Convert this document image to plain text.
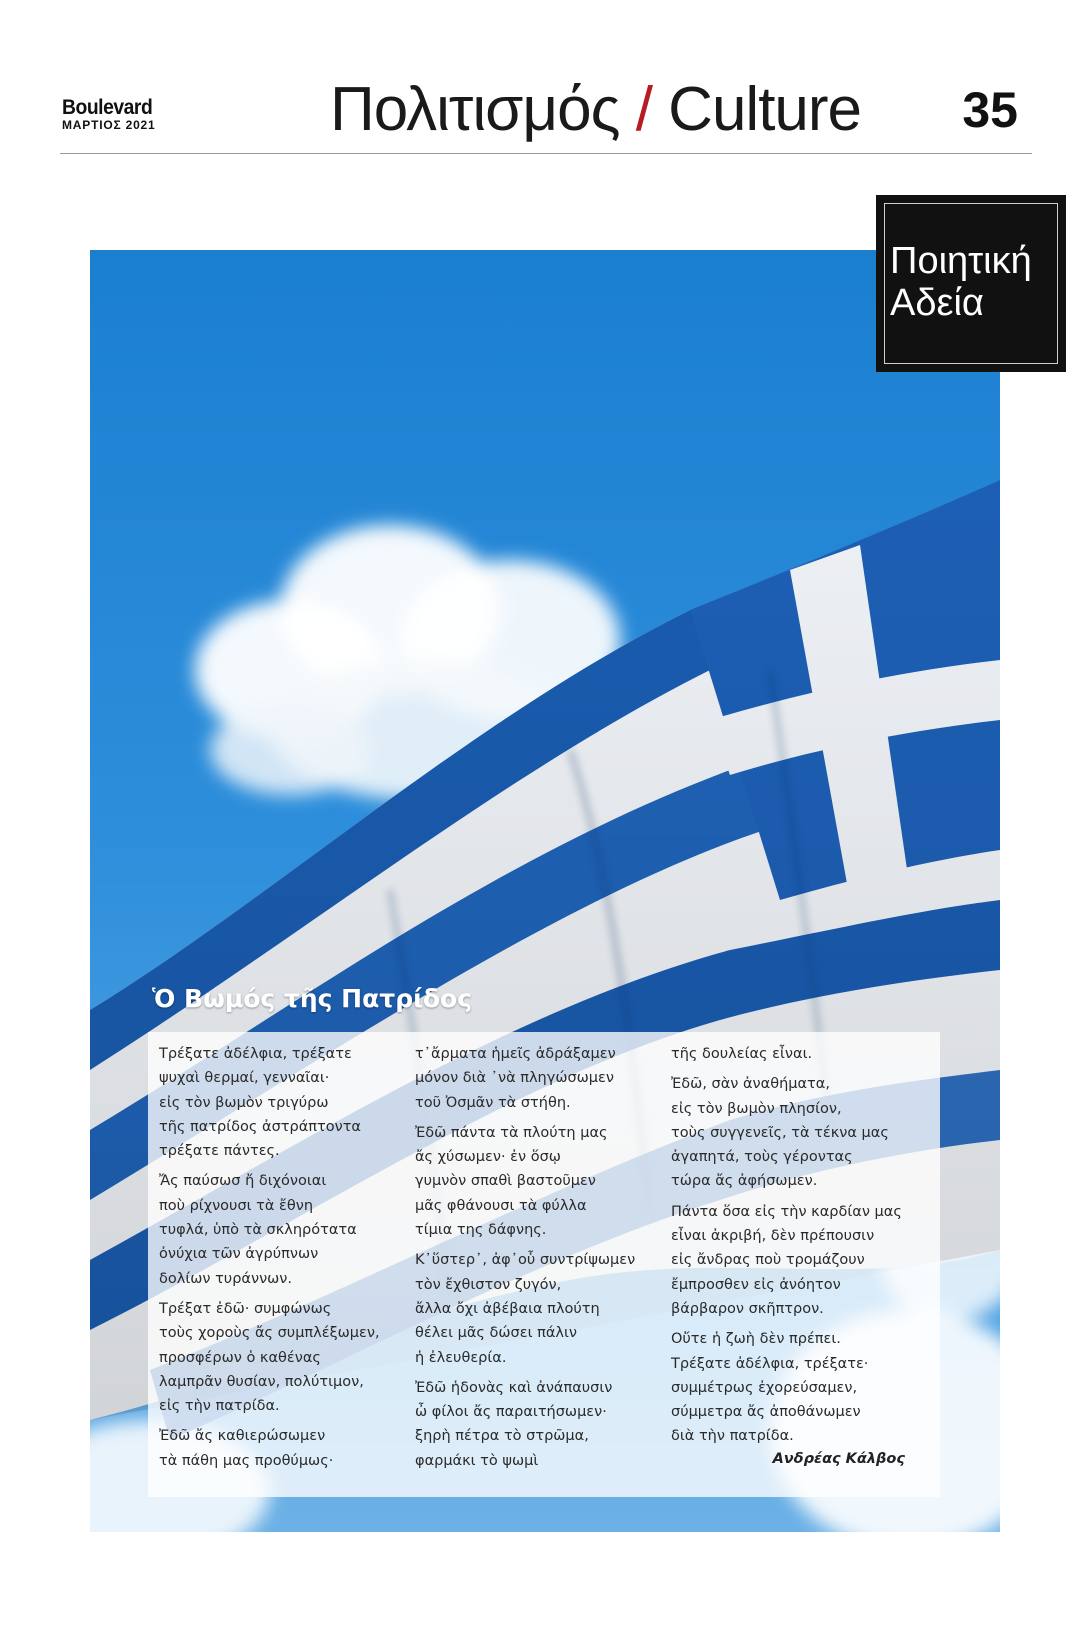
Boulevard
ΜΑΡΤΙΟΣ 2021	Πολιτισμός / Culture 35
Ποιητική
Αδεία
Ὁ Βωμός τῆς Πατρίδος
Τρέξατε ἀδέλφια, τρέξατε
ψυχαὶ θερμαί, γενναῖαι·
εἰς τὸν βωμὸν τριγύρω
τῆς πατρίδος ἀστράπτοντα
τρέξατε πάντες.
Ἄς παύσωσ ἤ διχόνοιαι
ποὺ ρίχνουσι τὰ ἔθνη
τυφλά, ὑπὸ τὰ σκληρότατα
ὀνύχια τῶν ἀγρύπνων
δολίων τυράννων.
Τρέξατ ἐδῶ· συμφώνως
τοὺς χοροὺς ἄς συμπλέξωμεν,
προσφέρων ὁ καθένας
λαμπρᾶν θυσίαν, πολύτιμον,
εἰς τὴν πατρίδα.
Ἐδῶ ἄς καθιερώσωμεν
τὰ πάθη μας προθύμως·
τ᾽ἄρματα ἡμεῖς ἀδράξαμεν
μόνον διὰ ᾽νὰ πληγώσωμεν
τοῦ Ὀσμᾶν τὰ στήθη.
Ἐδῶ πάντα τὰ πλούτη μας
ἄς χύσωμεν· ἐν ὅσῳ
γυμνὸν σπαθὶ βαστοῦμεν
μᾶς φθάνουσι τὰ φύλλα
τίμια της δάφνης.
Κ᾽ὕστερ᾽, ἀφ᾽οὗ συντρίψωμεν
τὸν ἔχθιστον ζυγόν,
ἄλλα ὄχι ἀβέβαια πλούτη
θέλει μᾶς δώσει πάλιν
ἡ ἐλευθερία.
Ἐδῶ ἡδονὰς καὶ ἀνάπαυσιν
ὦ φίλοι ἄς παραιτήσωμεν·
ξηρὴ πέτρα τὸ στρῶμα,
φαρμάκι τὸ ψωμὶ
τῆς δουλείας εἶναι.
Ἐδῶ, σὰν ἀναθήματα,
εἰς τὸν βωμὸν πλησίον,
τοὺς συγγενεῖς, τὰ τέκνα μας
ἀγαπητά, τοὺς γέροντας
τώρα ἄς ἀφήσωμεν.
Πάντα ὅσα εἰς τὴν καρδίαν μας
εἶναι ἀκριβή, δὲν πρέπουσιν
εἰς ἄνδρας ποὺ τρομάζουν
ἔμπροσθεν εἰς ἀνόητον
βάρβαρον σκῆπτρον.
Οὔτε ἡ ζωὴ δὲν πρέπει.
Τρέξατε ἀδέλφια, τρέξατε·
συμμέτρως ἐχορεύσαμεν,
σύμμετρα ἄς ἀποθάνωμεν
διὰ τὴν πατρίδα.
Ανδρέας Κάλβος
